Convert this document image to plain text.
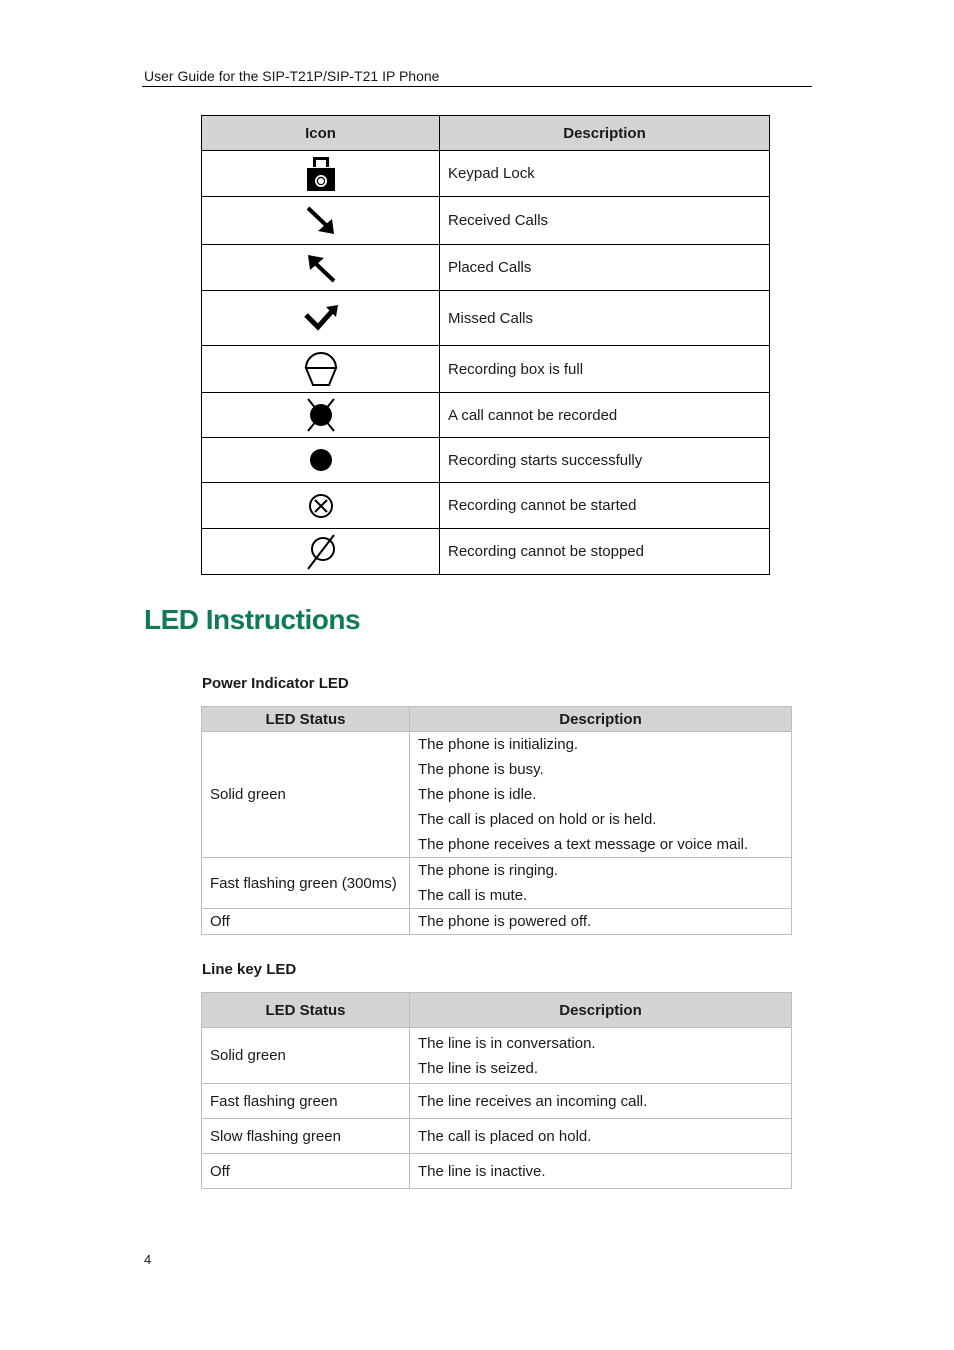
User Guide for the SIP-T21P/SIP-T21 IP Phone
Icon	Description

	Keypad Lock

	Received Calls

	Placed Calls

	Missed Calls

	Recording box is full

	A call cannot be recorded

	Recording starts successfully

	Recording cannot be started

	Recording cannot be stopped
LED Instructions
Power Indicator LED
LED Status	Description
Solid green	The phone is initializing.
The phone is busy.
The phone is idle.
The call is placed on hold or is held.
The phone receives a text message or voice mail.

Fast flashing green (300ms)	The phone is ringing.
The call is mute.

Off	The phone is powered off.
Line key LED
LED Status	Description
Solid green	The line is in conversation.
The line is seized.

Fast flashing green	The line receives an incoming call.

Slow flashing green	The call is placed on hold.

Off	The line is inactive.
4
